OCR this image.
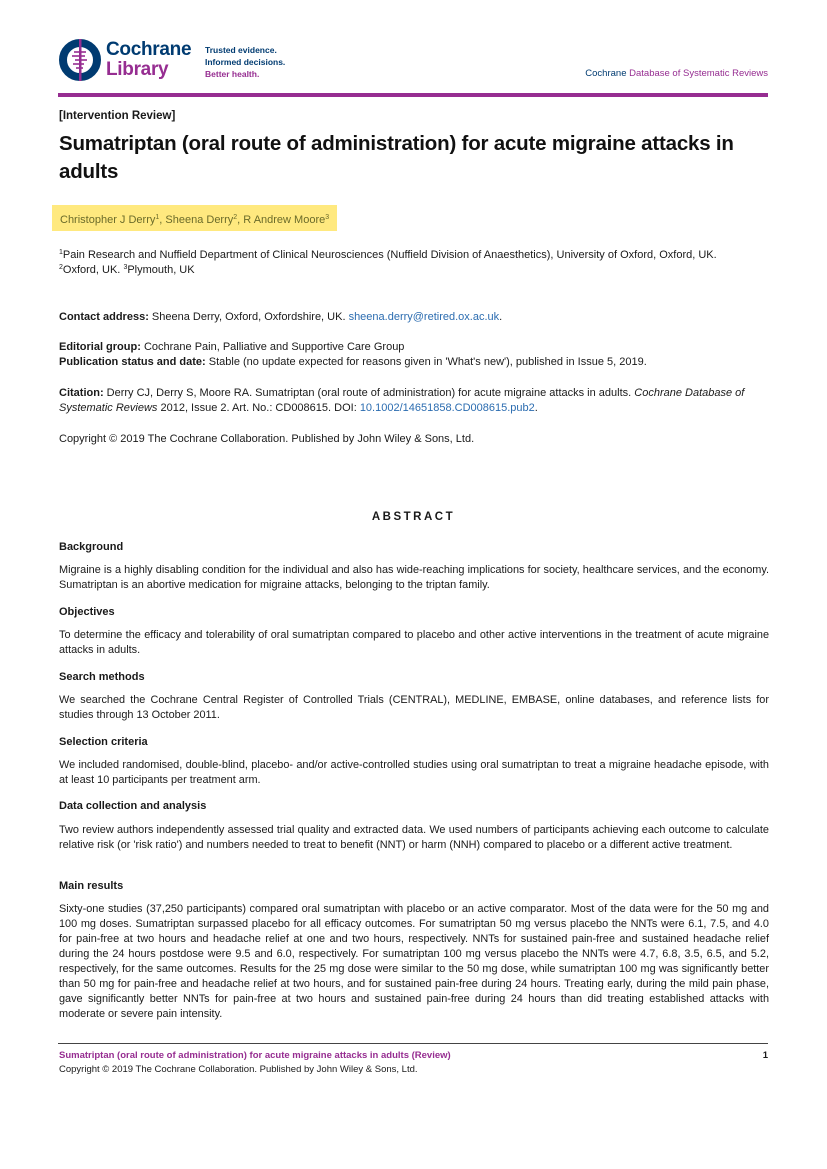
Cochrane
Library
Trusted evidence.
Informed decisions.
Better health.	Cochrane Database of Systematic Reviews
[Intervention Review]
Sumatriptan (oral route of administration) for acute migraine attacks in adults
Christopher J Derry$^1$, Sheena Derry$^2$, R Andrew Moore$^3$
$^1$Pain Research and Nuffield Department of Clinical Neurosciences (Nuffield Division of Anaesthetics), University of Oxford, Oxford, UK.
$^2$Oxford, UK. $^3$Plymouth, UK
Contact address: Sheena Derry, Oxford, Oxfordshire, UK. sheena.derry@retired.ox.ac.uk.
Editorial group: Cochrane Pain, Palliative and Supportive Care Group
Publication status and date: Stable (no update expected for reasons given in 'What's new'), published in Issue 5, 2019.
Citation: Derry CJ, Derry S, Moore RA. Sumatriptan (oral route of administration) for acute migraine attacks in adults. Cochrane Database of Systematic Reviews 2012, Issue 2. Art. No.: CD008615. DOI: 10.1002/14651858.CD008615.pub2.
Copyright © 2019 The Cochrane Collaboration. Published by John Wiley & Sons, Ltd.
ABSTRACT
Background
Migraine is a highly disabling condition for the individual and also has wide-reaching implications for society, healthcare services, and the economy. Sumatriptan is an abortive medication for migraine attacks, belonging to the triptan family.
Objectives
To determine the efficacy and tolerability of oral sumatriptan compared to placebo and other active interventions in the treatment of acute migraine attacks in adults.
Search methods
We searched the Cochrane Central Register of Controlled Trials (CENTRAL), MEDLINE, EMBASE, online databases, and reference lists for studies through 13 October 2011.
Selection criteria
We included randomised, double-blind, placebo- and/or active-controlled studies using oral sumatriptan to treat a migraine headache episode, with at least 10 participants per treatment arm.
Data collection and analysis
Two review authors independently assessed trial quality and extracted data. We used numbers of participants achieving each outcome to calculate relative risk (or 'risk ratio') and numbers needed to treat to benefit (NNT) or harm (NNH) compared to placebo or a different active treatment.
Main results
Sixty-one studies (37,250 participants) compared oral sumatriptan with placebo or an active comparator. Most of the data were for the 50 mg and 100 mg doses. Sumatriptan surpassed placebo for all efficacy outcomes. For sumatriptan 50 mg versus placebo the NNTs were 6.1, 7.5, and 4.0 for pain-free at two hours and headache relief at one and two hours, respectively. NNTs for sustained pain-free and sustained headache relief during the 24 hours postdose were 9.5 and 6.0, respectively. For sumatriptan 100 mg versus placebo the NNTs were 4.7, 6.8, 3.5, 6.5, and 5.2, respectively, for the same outcomes. Results for the 25 mg dose were similar to the 50 mg dose, while sumatriptan 100 mg was significantly better than 50 mg for pain-free and headache relief at two hours, and for sustained pain-free during 24 hours. Treating early, during the mild pain phase, gave significantly better NNTs for pain-free at two hours and sustained pain-free during 24 hours than did treating established attacks with moderate or severe pain intensity.
Sumatriptan (oral route of administration) for acute migraine attacks in adults (Review)	1
Copyright © 2019 The Cochrane Collaboration. Published by John Wiley & Sons, Ltd.
